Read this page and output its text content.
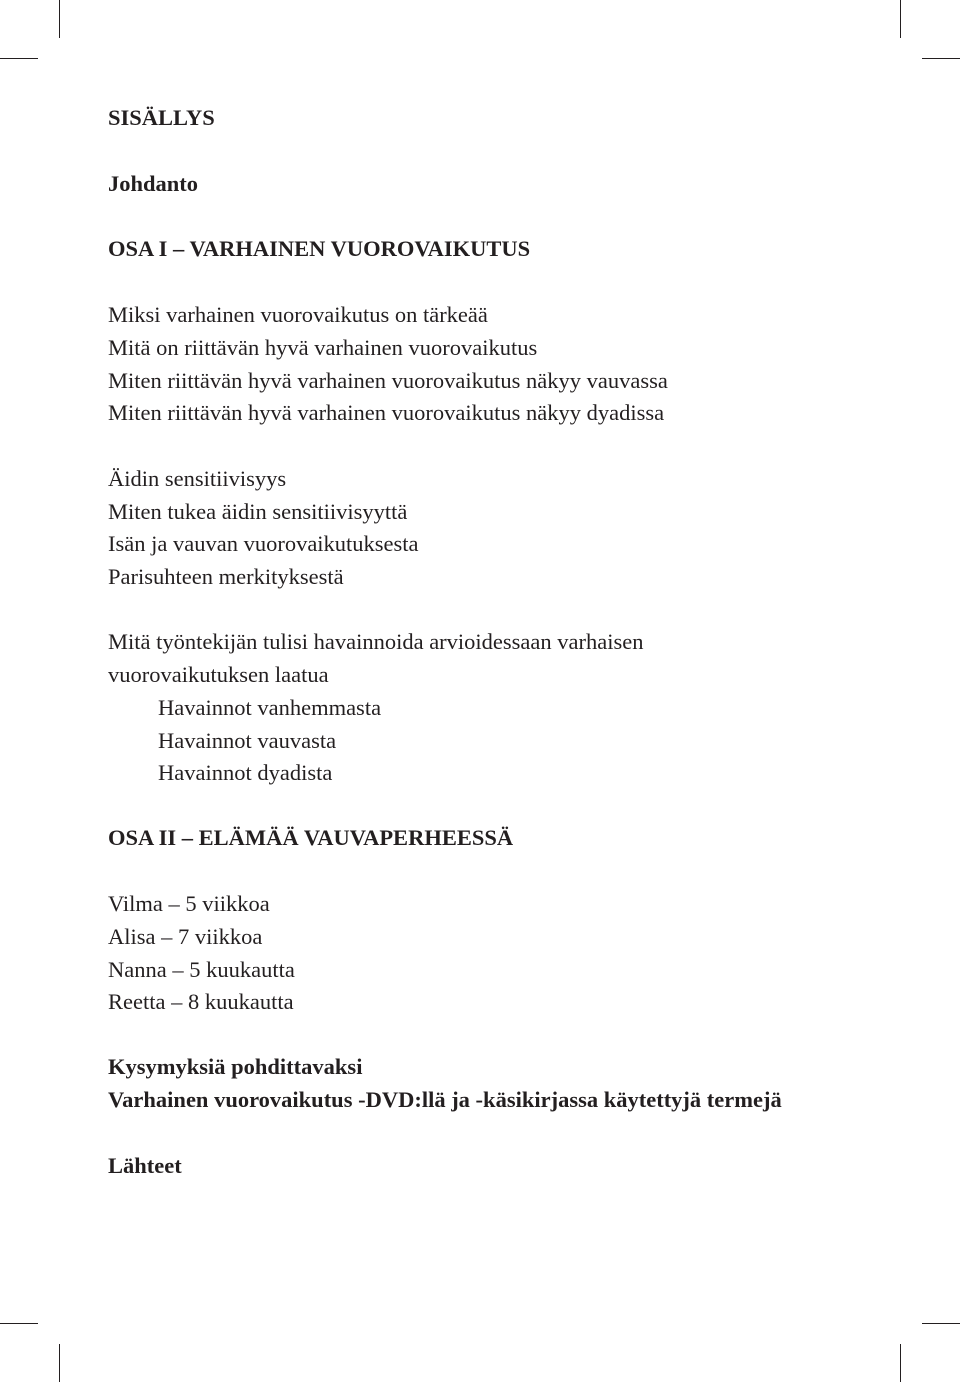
SISÄLLYS
Johdanto
OSA I – VARHAINEN VUOROVAIKUTUS
Miksi varhainen vuorovaikutus on tärkeää
Mitä on riittävän hyvä varhainen vuorovaikutus
Miten riittävän hyvä varhainen vuorovaikutus näkyy vauvassa
Miten riittävän hyvä varhainen vuorovaikutus näkyy dyadissa
Äidin sensitiivisyys
Miten tukea äidin sensitiivisyyttä
Isän ja vauvan vuorovaikutuksesta
Parisuhteen merkityksestä
Mitä työntekijän tulisi havainnoida arvioidessaan varhaisen
vuorovaikutuksen laatua
Havainnot vanhemmasta
Havainnot vauvasta
Havainnot dyadista
OSA II – ELÄMÄÄ VAUVAPERHEESSÄ
Vilma – 5 viikkoa
Alisa – 7 viikkoa
Nanna – 5 kuukautta
Reetta – 8 kuukautta
Kysymyksiä pohdittavaksi
Varhainen vuorovaikutus -DVD:llä ja -käsikirjassa käytettyjä termejä
Lähteet
